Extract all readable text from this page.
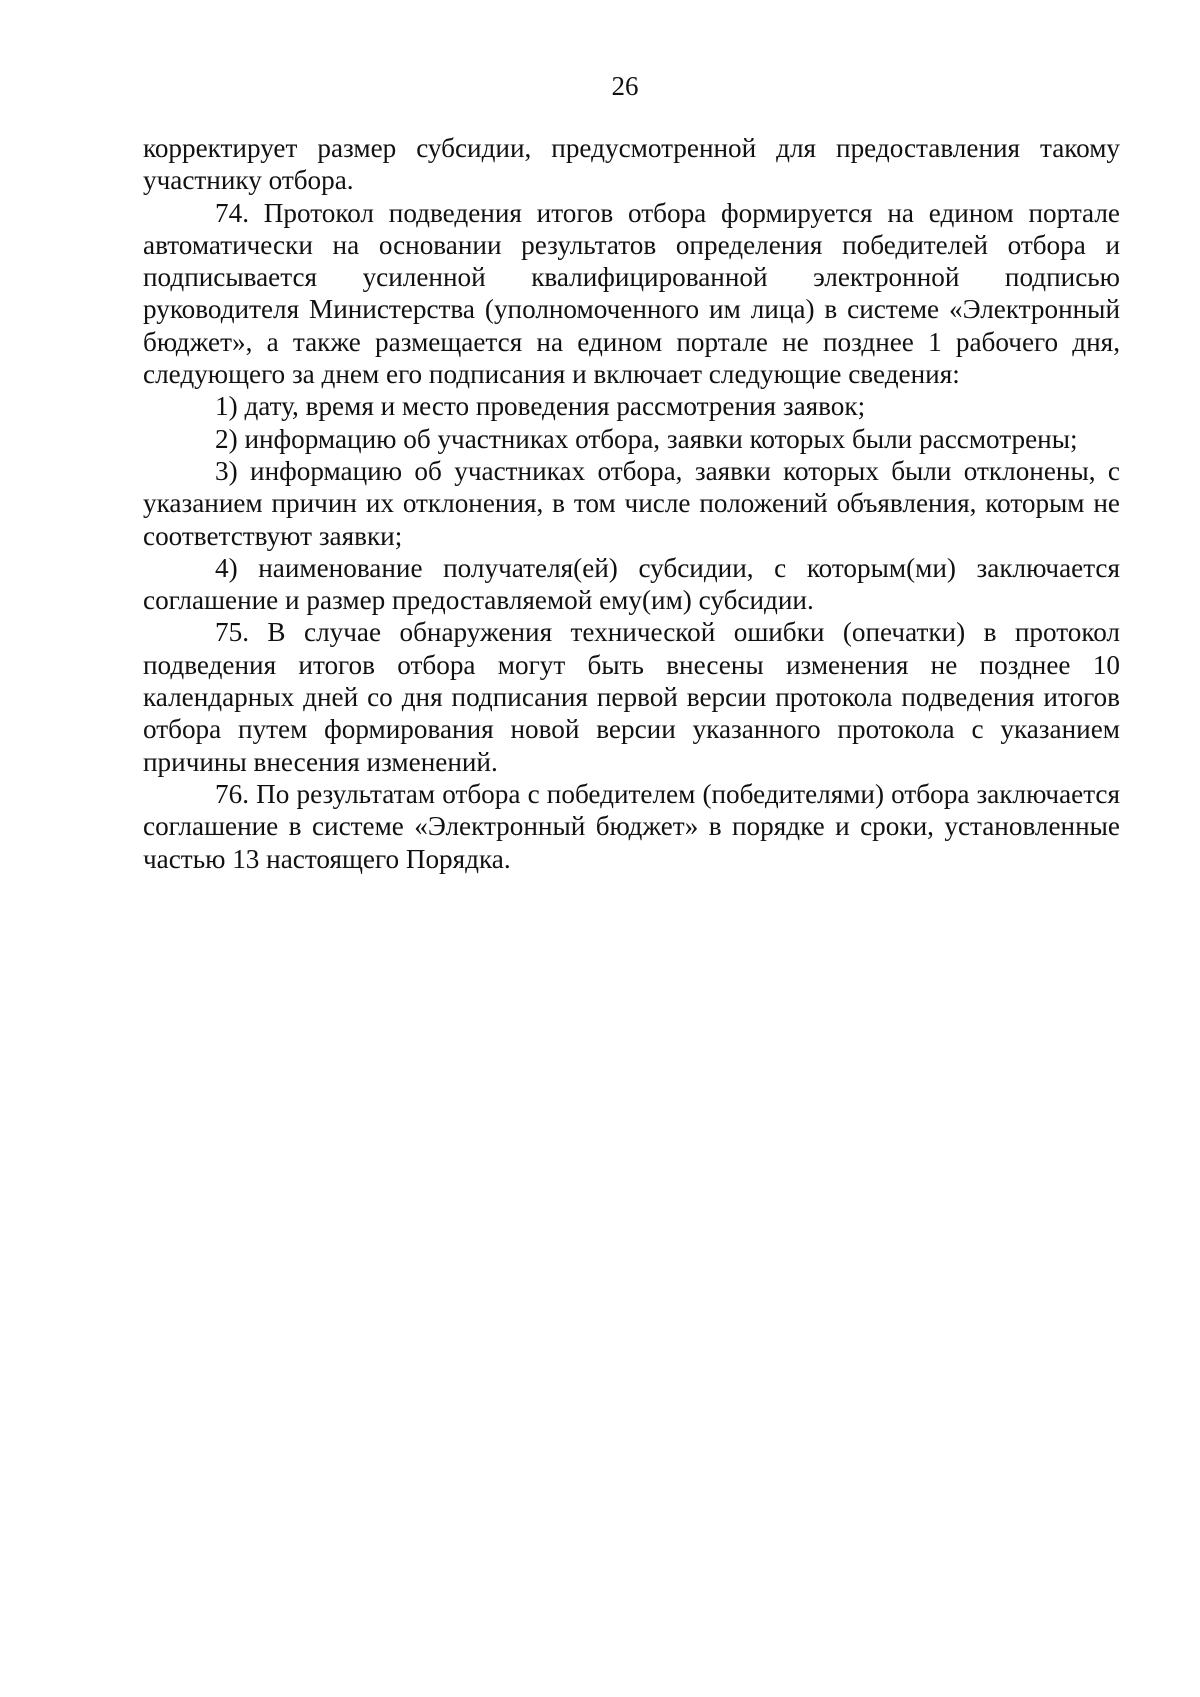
26

корректирует размер субсидии, предусмотренной для предоставления такому участнику отбора.

74. Протокол подведения итогов отбора формируется на едином портале автоматически на основании результатов определения победителей отбора и подписывается усиленной квалифицированной электронной подписью руководителя Министерства (уполномоченного им лица) в системе «Электронный бюджет», а также размещается на едином портале не позднее 1 рабочего дня, следующего за днем его подписания и включает следующие сведения:

1) дату, время и место проведения рассмотрения заявок;

2) информацию об участниках отбора, заявки которых были рассмотрены;

3) информацию об участниках отбора, заявки которых были отклонены, с указанием причин их отклонения, в том числе положений объявления, которым не соответствуют заявки;

4) наименование получателя(ей) субсидии, с которым(ми) заключается соглашение и размер предоставляемой ему(им) субсидии.

75. В случае обнаружения технической ошибки (опечатки) в протокол подведения итогов отбора могут быть внесены изменения не позднее 10 календарных дней со дня подписания первой версии протокола подведения итогов отбора путем формирования новой версии указанного протокола с указанием причины внесения изменений.

76. По результатам отбора с победителем (победителями) отбора заключается соглашение в системе «Электронный бюджет» в порядке и сроки, установленные частью 13 настоящего Порядка.
